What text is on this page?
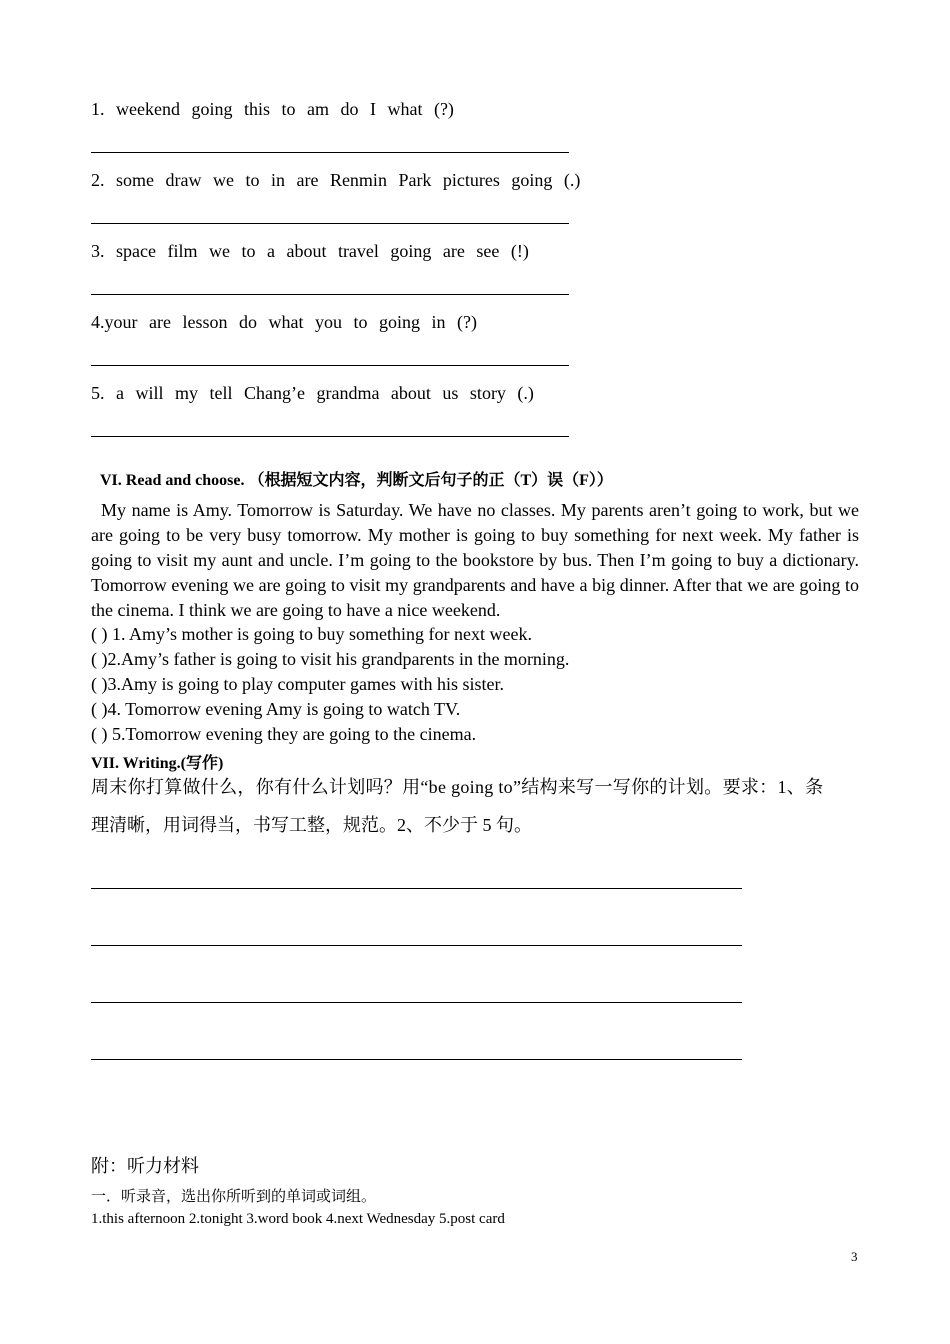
1. weekend going this to am do I what (?)
2. some draw we to in are Renmin Park pictures going (.)
3. space film we to a about travel going are see (!)
4.your are lesson do what you to going in (?)
5. a will my tell Chang’e grandma about us story (.)
VI. Read and choose. （根据短文内容，判断文后句子的正（T）误（F））
My name is Amy. Tomorrow is Saturday. We have no classes. My parents aren’t going to work, but we are going to be very busy tomorrow. My mother is going to buy something for next week. My father is going to visit my aunt and uncle. I’m going to the bookstore by bus. Then I’m going to buy a dictionary. Tomorrow evening we are going to visit my grandparents and have a big dinner. After that we are going to the cinema. I think we are going to have a nice weekend.
( ) 1. Amy’s mother is going to buy something for next week.
( )2.Amy’s father is going to visit his grandparents in the morning.
( )3.Amy is going to play computer games with his sister.
( )4. Tomorrow evening Amy is going to watch TV.
( ) 5.Tomorrow evening they are going to the cinema.
VII. Writing.(写作)
周末你打算做什么，你有什么计划吗？用“be going to”结构来写一写你的计划。要求：1、条
理清晰，用词得当，书写工整，规范。2、不少于 5 句。
附：听力材料
一．听录音，选出你所听到的单词或词组。
1.this afternoon 2.tonight 3.word book 4.next Wednesday 5.post card
3
